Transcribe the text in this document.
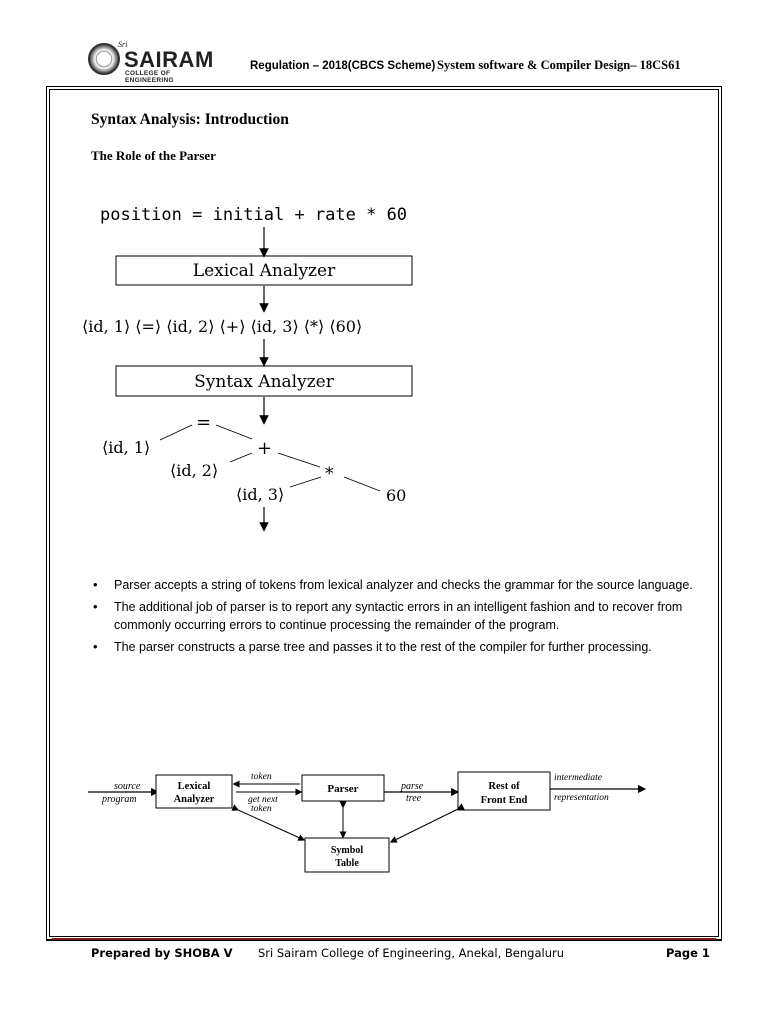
Sri
SAIRAM
COLLEGE OF ENGINEERING
Regulation – 2018(CBCS Scheme) System software & Compiler Design– 18CS61
Syntax Analysis: Introduction
The Role of the Parser
position = initial + rate * 60
Lexical Analyzer
⟨id, 1⟩ ⟨=⟩ ⟨id, 2⟩ ⟨+⟩ ⟨id, 3⟩ ⟨*⟩ ⟨60⟩
Syntax Analyzer
=
⟨id, 1⟩	+
⟨id, 2⟩	*
⟨id, 3⟩	60
• Parser accepts a string of tokens from lexical analyzer and checks the grammar for the source language.
• The additional job of parser is to report any syntactic errors in an intelligent fashion and to recover from commonly occurring errors to continue processing the remainder of the program.
• The parser constructs a parse tree and passes it to the rest of the compiler for further processing.
source
program
Lexical
Analyzer
token
get next
token
Parser	parse
tree
Rest of
Front End
intermediate
representation
Symbol
Table
Prepared by SHOBA V Sri Sairam College of Engineering, Anekal, Bengaluru	Page 1
